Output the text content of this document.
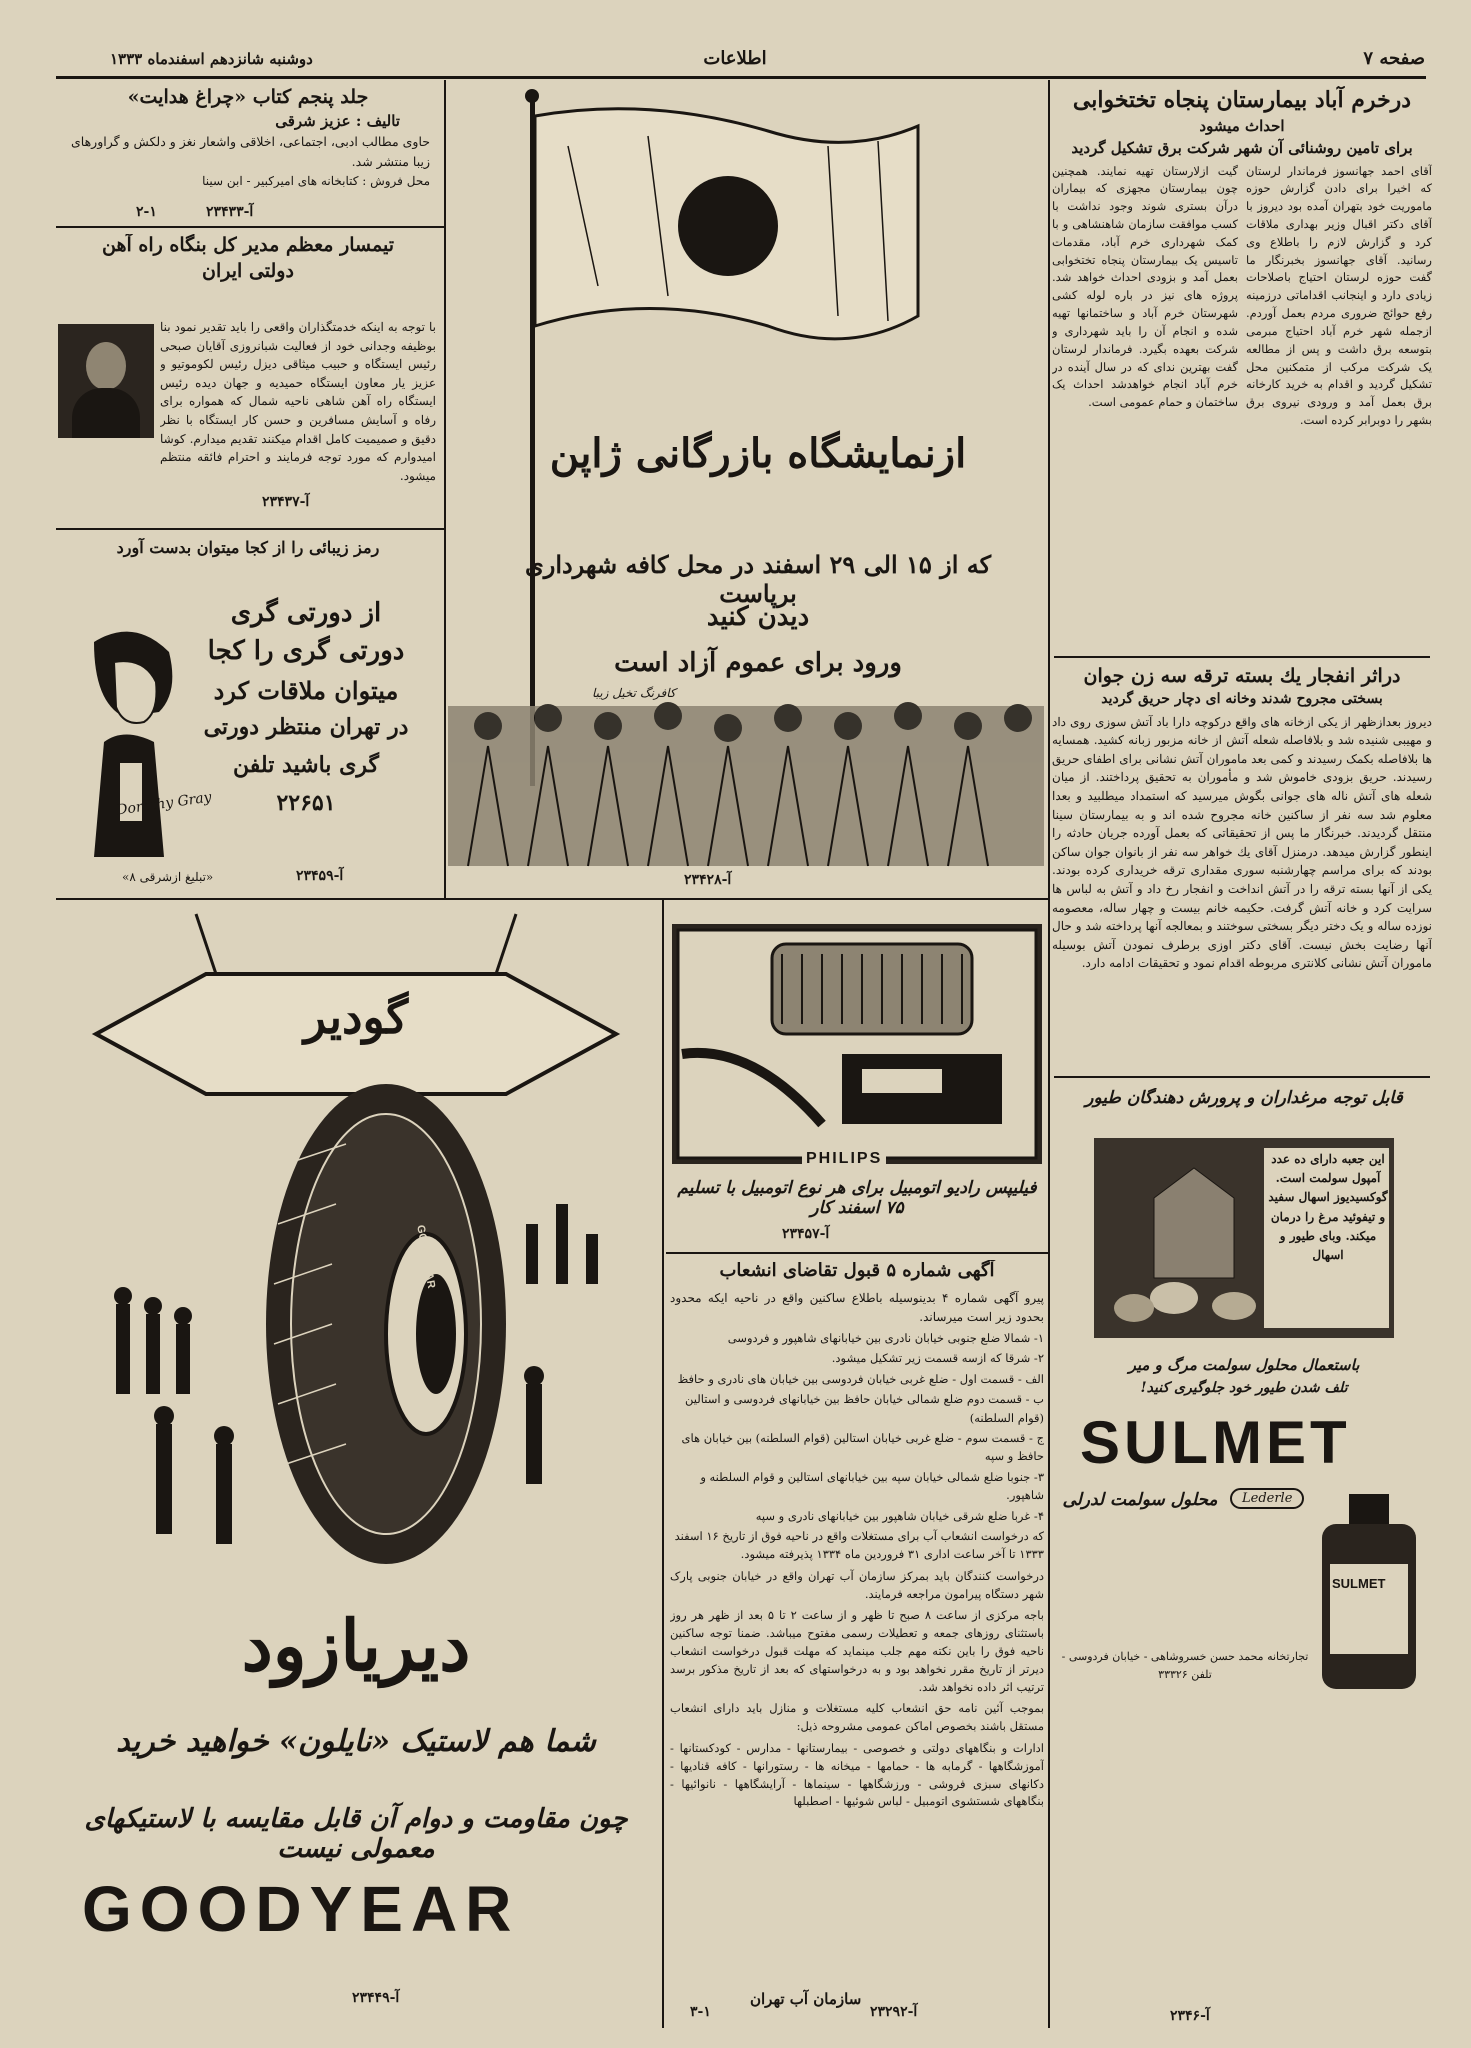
صفحه ۷
اطلاعات
دوشنبه شانزدهم اسفندماه ۱۳۳۳
درخرم آباد بیمارستان پنجاه تختخوابی
احداث میشود
برای تامین روشنائی آن شهر شرکت برق تشکیل گردید
آقای احمد جهانسوز فرماندار لرستان که اخیرا برای دادن گزارش حوزه ماموریت خود بتهران آمده بود دیروز با آقای دکتر اقبال وزیر بهداری ملاقات کرد و گزارش لازم را باطلاع وی رسانید. آقای جهانسوز بخبرنگار ما گفت حوزه لرستان احتیاج باصلاحات زیادی دارد و اینجانب اقداماتی درزمینه رفع حوائج ضروری مردم بعمل آوردم. ازجمله شهر خرم آباد احتیاج مبرمی بتوسعه برق داشت و پس از مطالعه یک شرکت مرکب از متمکنین محل تشکیل گردید و اقدام به خرید کارخانه برق بعمل آمد و ورودی نیروی برق بشهر را دوبرابر کرده است.
گیت ازلارستان تهیه نمایند. همچنین چون بیمارستان مجهزی که بیماران درآن بستری شوند وجود نداشت با کسب موافقت سازمان شاهنشاهی و با کمک شهرداری خرم آباد، مقدمات تاسیس یک بیمارستان پنجاه تختخوابی بعمل آمد و بزودی احداث خواهد شد. پروژه های نیز در باره لوله کشی شهرستان خرم آباد و ساختمانها تهیه شده و انجام آن را باید شهرداری و شرکت بعهده بگیرد. فرماندار لرستان گفت بهترین ندای که در سال آینده در خرم آباد انجام خواهدشد احداث یک ساختمان و حمام عمومی است.
دراثر انفجار یك بسته ترقه سه زن جوان
بسختی مجروح شدند وخانه ای دچار حریق گردید
دیروز بعدازظهر از یکی ازخانه های واقع درکوچه دارا باد آتش سوزی روی داد و مهیبی شنیده شد و بلافاصله شعله آتش از خانه مزبور زبانه کشید. همسایه ها بلافاصله بکمک رسیدند و کمی بعد ماموران آتش نشانی برای اطفای حریق رسیدند. حریق بزودی خاموش شد و مأموران به تحقیق پرداختند. از میان شعله های آتش ناله های جوانی بگوش میرسید که استمداد میطلبید و بعدا معلوم شد سه نفر از ساکنین خانه مجروح شده اند و به بیمارستان سینا منتقل گردیدند. خبرنگار ما پس از تحقیقاتی که بعمل آورده جریان حادثه را اینطور گزارش میدهد. درمنزل آقای یك خواهر سه نفر از بانوان جوان ساکن بودند که برای مراسم چهارشنبه سوری مقداری ترقه خریداری کرده بودند. یکی از آنها بسته ترقه را در آتش انداخت و انفجار رخ داد و آتش به لباس ها سرایت کرد و خانه آتش گرفت. حکیمه خانم بیست و چهار ساله، معصومه نوزده ساله و یک دختر دیگر بسختی سوختند و بمعالجه آنها پرداخته شد و حال آنها رضایت بخش نیست. آقای دکتر اوزی برطرف نمودن آتش بوسیله ماموران آتش نشانی کلانتری مربوطه اقدام نمود و تحقیقات ادامه دارد.
قابل توجه مرغداران و پرورش دهندگان طیور
این جعبه دارای ده عدد آمپول سولمت است. گوکسیدیوز اسهال سفید و تیفوئید مرغ را درمان میکند. وبای طیور و اسهال
باستعمال محلول سولمت مرگ و میر
تلف شدن طیور خود جلوگیری کنید!
SULMET
Lederle
محلول سولمت لدرلی
SULMET
تجارتخانه محمد حسن خسروشاهی - خیابان فردوسی - تلفن ۳۳۳۲۶
آ-۲۳۴۶
جلد پنجم کتاب «چراغ هدایت»
تالیف : عزیز شرقی
حاوی مطالب ادبی، اجتماعی، اخلاقی واشعار نغز و دلکش و گراورهای زیبا منتشر شد.
محل فروش : کتابخانه های امیرکبیر - ابن سینا
آ-۲۳۴۳۳
۲-۱
تیمسار معظم مدیر کل بنگاه راه آهن
دولتی ایران
با توجه به اینکه خدمتگذاران واقعی را باید تقدیر نمود بنا بوظیفه وجدانی خود از فعالیت شبانروزی آقایان صبحی رئیس ایستگاه و حبیب میثاقی دیزل رئیس لکوموتیو و عزیز یار معاون ایستگاه حمیدیه و جهان دیده رئیس ایستگاه راه آهن شاهی ناحیه شمال که همواره برای رفاه و آسایش مسافرین و حسن کار ایستگاه با نظر دقیق و صمیمیت کامل اقدام میکنند تقدیم میدارم. کوشا امیدوارم که مورد توجه فرمایند و احترام فائقه منتظم میشود.
آ-۲۳۴۳۷
رمز زیبائی را از کجا میتوان بدست آورد
Dorothy Gray
از دورتی گری
دورتی گری را کجا
میتوان ملاقات کرد
در تهران منتظر دورتی
گری باشید تلفن
۲۲۶۵۱
آ-۲۳۴۵۹
«تبلیغ ازشرقی ۸»
ازنمایشگاه بازرگانی ژاپن
که از ۱۵ الی ۲۹ اسفند در محل کافه شهرداری برپاست
دیدن کنید
ورود برای عموم آزاد است
کافرنگ تخیل زیبا
آ-۲۳۴۲۸
گودیر
GOODYEAR
دیریازود
شما هم لاستیک «نایلون» خواهید خرید
چون مقاومت و دوام آن قابل مقایسه با لاستیکهای معمولی نیست
GOODYEAR
آ-۲۳۴۴۹
PHILIPS
فیلیپس رادیو اتومبیل برای هر نوع اتومبیل با تسلیم ۷۵ اسفند کار
آ-۲۳۴۵۷
آگهی شماره ۵ قبول تقاضای انشعاب
پیرو آگهی شماره ۴ بدینوسیله باطلاع ساکنین واقع در ناحیه ایکه محدود بحدود زیر است میرساند.

۱- شمالا ضلع جنوبی خیابان نادری بین خیابانهای شاهپور و فردوسی

۲- شرقا که ازسه قسمت زیر تشکیل میشود.

الف - قسمت اول - ضلع غربی خیابان فردوسی بین خیابان های نادری و حافظ

ب - قسمت دوم ضلع شمالی خیابان حافظ بین خیابانهای فردوسی و استالین (قوام السلطنه)

ج - قسمت سوم - ضلع غربی خیابان استالین (قوام السلطنه) بین خیابان های حافظ و سپه

۳- جنوبا ضلع شمالی خیابان سپه بین خیابانهای استالین و قوام السلطنه و شاهپور.

۴- غربا ضلع شرقی خیابان شاهپور بین خیابانهای نادری و سپه

که درخواست انشعاب آب برای مستغلات واقع در ناحیه فوق از تاریخ ۱۶ اسفند ۱۳۳۳ تا آخر ساعت اداری ۳۱ فروردین ماه ۱۳۳۴ پذیرفته میشود.

درخواست کنندگان باید بمرکز سازمان آب تهران واقع در خیابان جنوبی پارک شهر دستگاه پیرامون مراجعه فرمایند.
باجه مرکزی از ساعت ۸ صبح تا ظهر و از ساعت ۲ تا ۵ بعد از ظهر هر روز باستثنای روزهای جمعه و تعطیلات رسمی مفتوح میباشد. ضمنا توجه ساکنین ناحیه فوق را باین نکته مهم جلب مینماید که مهلت قبول درخواست انشعاب دیرتر از تاریخ مقرر نخواهد بود و به درخواستهای که بعد از تاریخ مذکور برسد ترتیب اثر داده نخواهد شد.
بموجب آئین نامه حق انشعاب کلیه مستغلات و منازل باید دارای انشعاب مستقل باشند بخصوص اماکن عمومی مشروحه ذیل:
ادارات و بنگاههای دولتی و خصوصی - بیمارستانها - مدارس - کودکستانها - آموزشگاهها - گرمابه ها - حمامها - میخانه ها - رستورانها - کافه قنادیها - دکانهای سبزی فروشی - ورزشگاهها - سینماها - آرایشگاهها - نانوائیها - بنگاههای شستشوی اتومبیل - لباس شوئیها - اصطبلها
سازمان آب تهران
آ-۲۳۲۹۲
۳-۱
